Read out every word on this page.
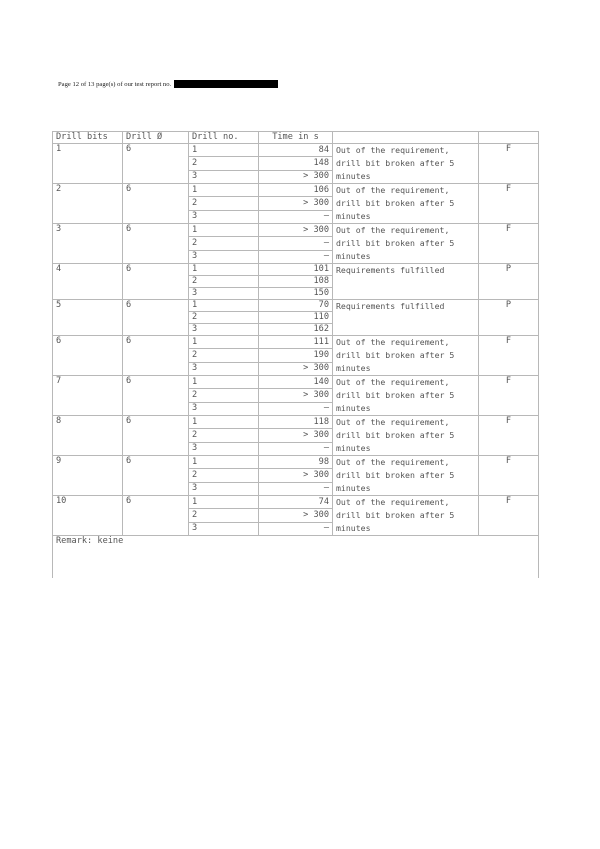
Page 12 of 13 page(s) of our test report no.
Drill bits	Drill Ø	Drill no.	Time in s		
1	6	1	84	Out of the requirement, drill bit broken after 5 minutes	F
		2	148		
		3	> 300		
2	6	1	106	Out of the requirement, drill bit broken after 5 minutes	F
		2	> 300		
		3	–		
3	6	1	> 300	Out of the requirement, drill bit broken after 5 minutes	F
		2	–		
		3	–		
4	6	1	101	Requirements fulfilled	P
		2	108		
		3	150		
5	6	1	70	Requirements fulfilled	P
		2	110		
		3	162		
6	6	1	111	Out of the requirement, drill bit broken after 5 minutes	F
		2	190		
		3	> 300		
7	6	1	140	Out of the requirement, drill bit broken after 5 minutes	F
		2	> 300		
		3	–		
8	6	1	118	Out of the requirement, drill bit broken after 5 minutes	F
		2	> 300		
		3	–		
9	6	1	98	Out of the requirement, drill bit broken after 5 minutes	F
		2	> 300		
		3	–		
10	6	1	74	Out of the requirement, drill bit broken after 5 minutes	F
		2	> 300		
		3	–		
Remark: keine					
